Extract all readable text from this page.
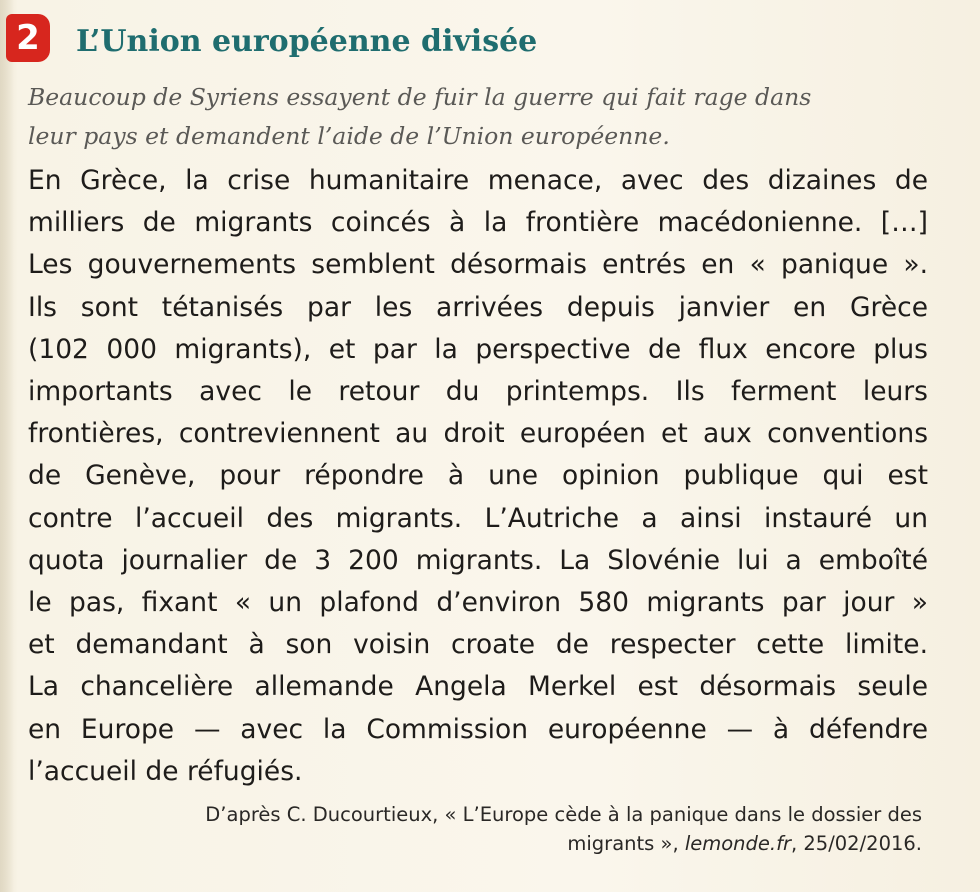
2	L’Union européenne divisée
Beaucoup de Syriens essayent de fuir la guerre qui fait rage dans
leur pays et demandent l’aide de l’Union européenne.
En Grèce, la crise humanitaire menace, avec des dizaines de
milliers de migrants coincés à la frontière macédonienne. […]
Les gouvernements semblent désormais entrés en « panique ».
Ils sont tétanisés par les arrivées depuis janvier en Grèce
(102 000 migrants), et par la perspective de flux encore plus
importants avec le retour du printemps. Ils ferment leurs
frontières, contreviennent au droit européen et aux conventions
de Genève, pour répondre à une opinion publique qui est
contre l’accueil des migrants. L’Autriche a ainsi instauré un
quota journalier de 3 200 migrants. La Slovénie lui a emboîté
le pas, fixant « un plafond d’environ 580 migrants par jour »
et demandant à son voisin croate de respecter cette limite.
La chancelière allemande Angela Merkel est désormais seule
en Europe — avec la Commission européenne — à défendre
l’accueil de réfugiés.
D’après C. Ducourtieux, « L’Europe cède à la panique dans le dossier des
migrants », lemonde.fr, 25/02/2016.
